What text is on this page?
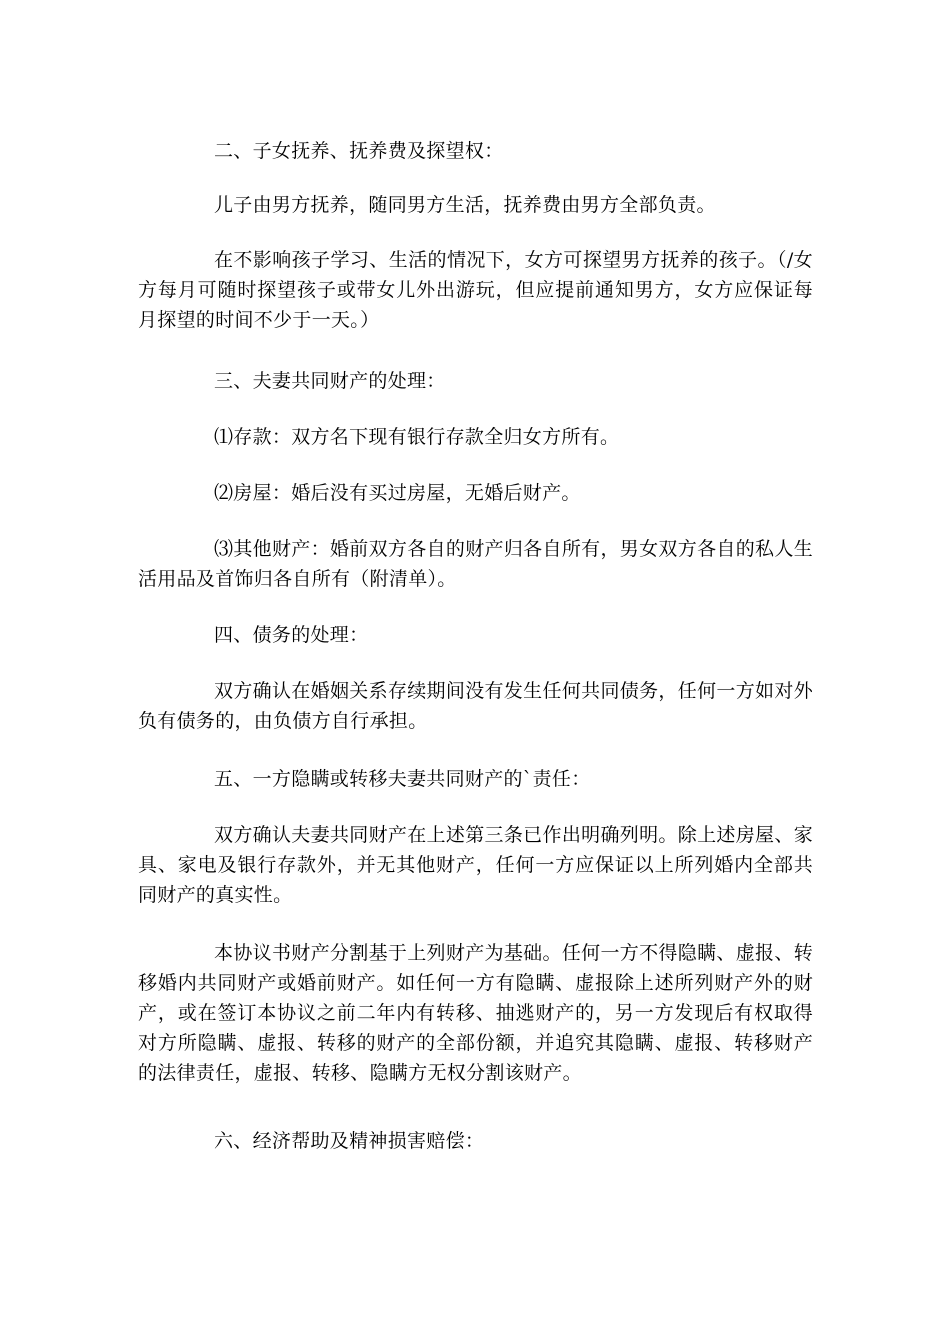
二、子女抚养、抚养费及探望权：

儿子由男方抚养，随同男方生活，抚养费由男方全部负责。

在不影响孩子学习、生活的情况下，女方可探望男方抚养的孩子。（/女方每月可随时探望孩子或带女儿外出游玩，但应提前通知男方，女方应保证每月探望的时间不少于一天。）

三、夫妻共同财产的处理：

⑴存款：双方名下现有银行存款全归女方所有。

⑵房屋：婚后没有买过房屋，无婚后财产。

⑶其他财产：婚前双方各自的财产归各自所有，男女双方各自的私人生活用品及首饰归各自所有（附清单）。

四、债务的处理：

双方确认在婚姻关系存续期间没有发生任何共同债务，任何一方如对外负有债务的，由负债方自行承担。

五、一方隐瞒或转移夫妻共同财产的`责任：

双方确认夫妻共同财产在上述第三条已作出明确列明。除上述房屋、家具、家电及银行存款外，并无其他财产，任何一方应保证以上所列婚内全部共同财产的真实性。

本协议书财产分割基于上列财产为基础。任何一方不得隐瞒、虚报、转移婚内共同财产或婚前财产。如任何一方有隐瞒、虚报除上述所列财产外的财产，或在签订本协议之前二年内有转移、抽逃财产的，另一方发现后有权取得对方所隐瞒、虚报、转移的财产的全部份额，并追究其隐瞒、虚报、转移财产的法律责任，虚报、转移、隐瞒方无权分割该财产。

六、经济帮助及精神损害赔偿：
